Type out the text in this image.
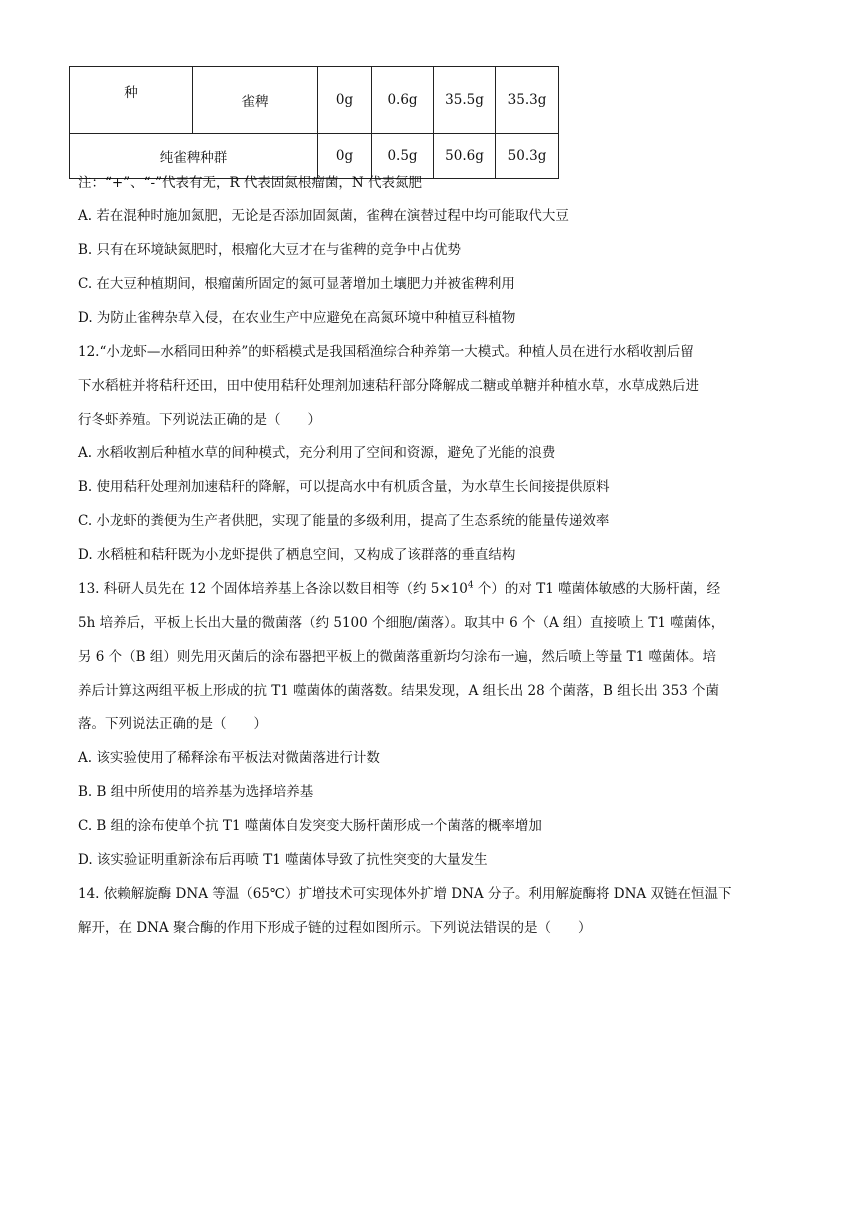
种	雀稗	0g	0.6g	35.5g	35.3g
纯雀稗种群		0g	0.5g	50.6g	50.3g
注：“+”、“-”代表有无，R 代表固氮根瘤菌，N 代表氮肥
A. 若在混种时施加氮肥，无论是否添加固氮菌，雀稗在演替过程中均可能取代大豆
B. 只有在环境缺氮肥时，根瘤化大豆才在与雀稗的竞争中占优势
C. 在大豆种植期间，根瘤菌所固定的氮可显著增加土壤肥力并被雀稗利用
D. 为防止雀稗杂草入侵，在农业生产中应避免在高氮环境中种植豆科植物
12.“小龙虾—水稻同田种养”的虾稻模式是我国稻渔综合种养第一大模式。种植人员在进行水稻收割后留
下水稻桩并将秸秆还田，田中使用秸秆处理剂加速秸秆部分降解成二糖或单糖并种植水草，水草成熟后进
行冬虾养殖。下列说法正确的是（　　）
A. 水稻收割后种植水草的间种模式，充分利用了空间和资源，避免了光能的浪费
B. 使用秸秆处理剂加速秸秆的降解，可以提高水中有机质含量，为水草生长间接提供原料
C. 小龙虾的粪便为生产者供肥，实现了能量的多级利用，提高了生态系统的能量传递效率
D. 水稻桩和秸秆既为小龙虾提供了栖息空间，又构成了该群落的垂直结构
13. 科研人员先在 12 个固体培养基上各涂以数目相等（约 $5\times 10^4$ 个）的对 T1 噬菌体敏感的大肠杆菌，经
5h 培养后，平板上长出大量的微菌落（约 5100 个细胞/菌落）。取其中 6 个（A 组）直接喷上 T1 噬菌体，
另 6 个（B 组）则先用灭菌后的涂布器把平板上的微菌落重新均匀涂布一遍，然后喷上等量 T1 噬菌体。培
养后计算这两组平板上形成的抗 T1 噬菌体的菌落数。结果发现，A 组长出 28 个菌落，B 组长出 353 个菌
落。下列说法正确的是（　　）
A. 该实验使用了稀释涂布平板法对微菌落进行计数
B. B 组中所使用的培养基为选择培养基
C. B 组的涂布使单个抗 T1 噬菌体自发突变大肠杆菌形成一个菌落的概率增加
D. 该实验证明重新涂布后再喷 T1 噬菌体导致了抗性突变的大量发生
14. 依赖解旋酶 DNA 等温（65℃）扩增技术可实现体外扩增 DNA 分子。利用解旋酶将 DNA 双链在恒温下
解开，在 DNA 聚合酶的作用下形成子链的过程如图所示。下列说法错误的是（　　）
